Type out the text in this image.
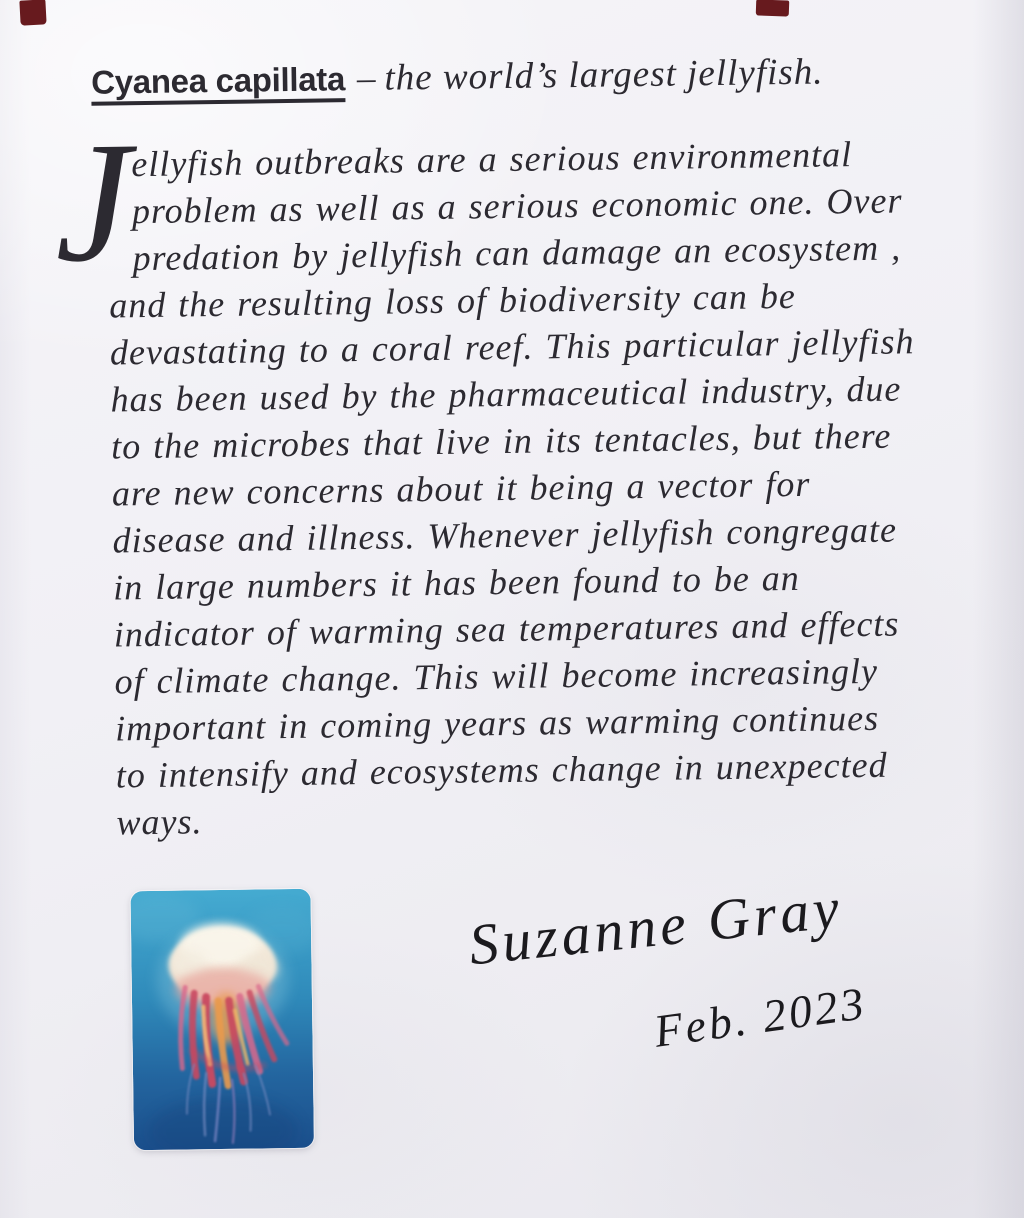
Cyanea capillata – the world’s largest jellyfish.
J
ellyfish outbreaks are a serious environmental
problem as well as a serious economic one. Over
predation by jellyfish can damage an ecosystem ,
and the resulting loss of biodiversity can be
devastating to a coral reef. This particular jellyfish
has been used by the pharmaceutical industry, due
to the microbes that live in its tentacles, but there
are new concerns about it being a vector for
disease and illness. Whenever jellyfish congregate
in large numbers it has been found to be an
indicator of warming sea temperatures and effects
of climate change. This will become increasingly
important in coming years as warming continues
to intensify and ecosystems change in unexpected
ways.
Suzanne Gray
Feb. 2023
